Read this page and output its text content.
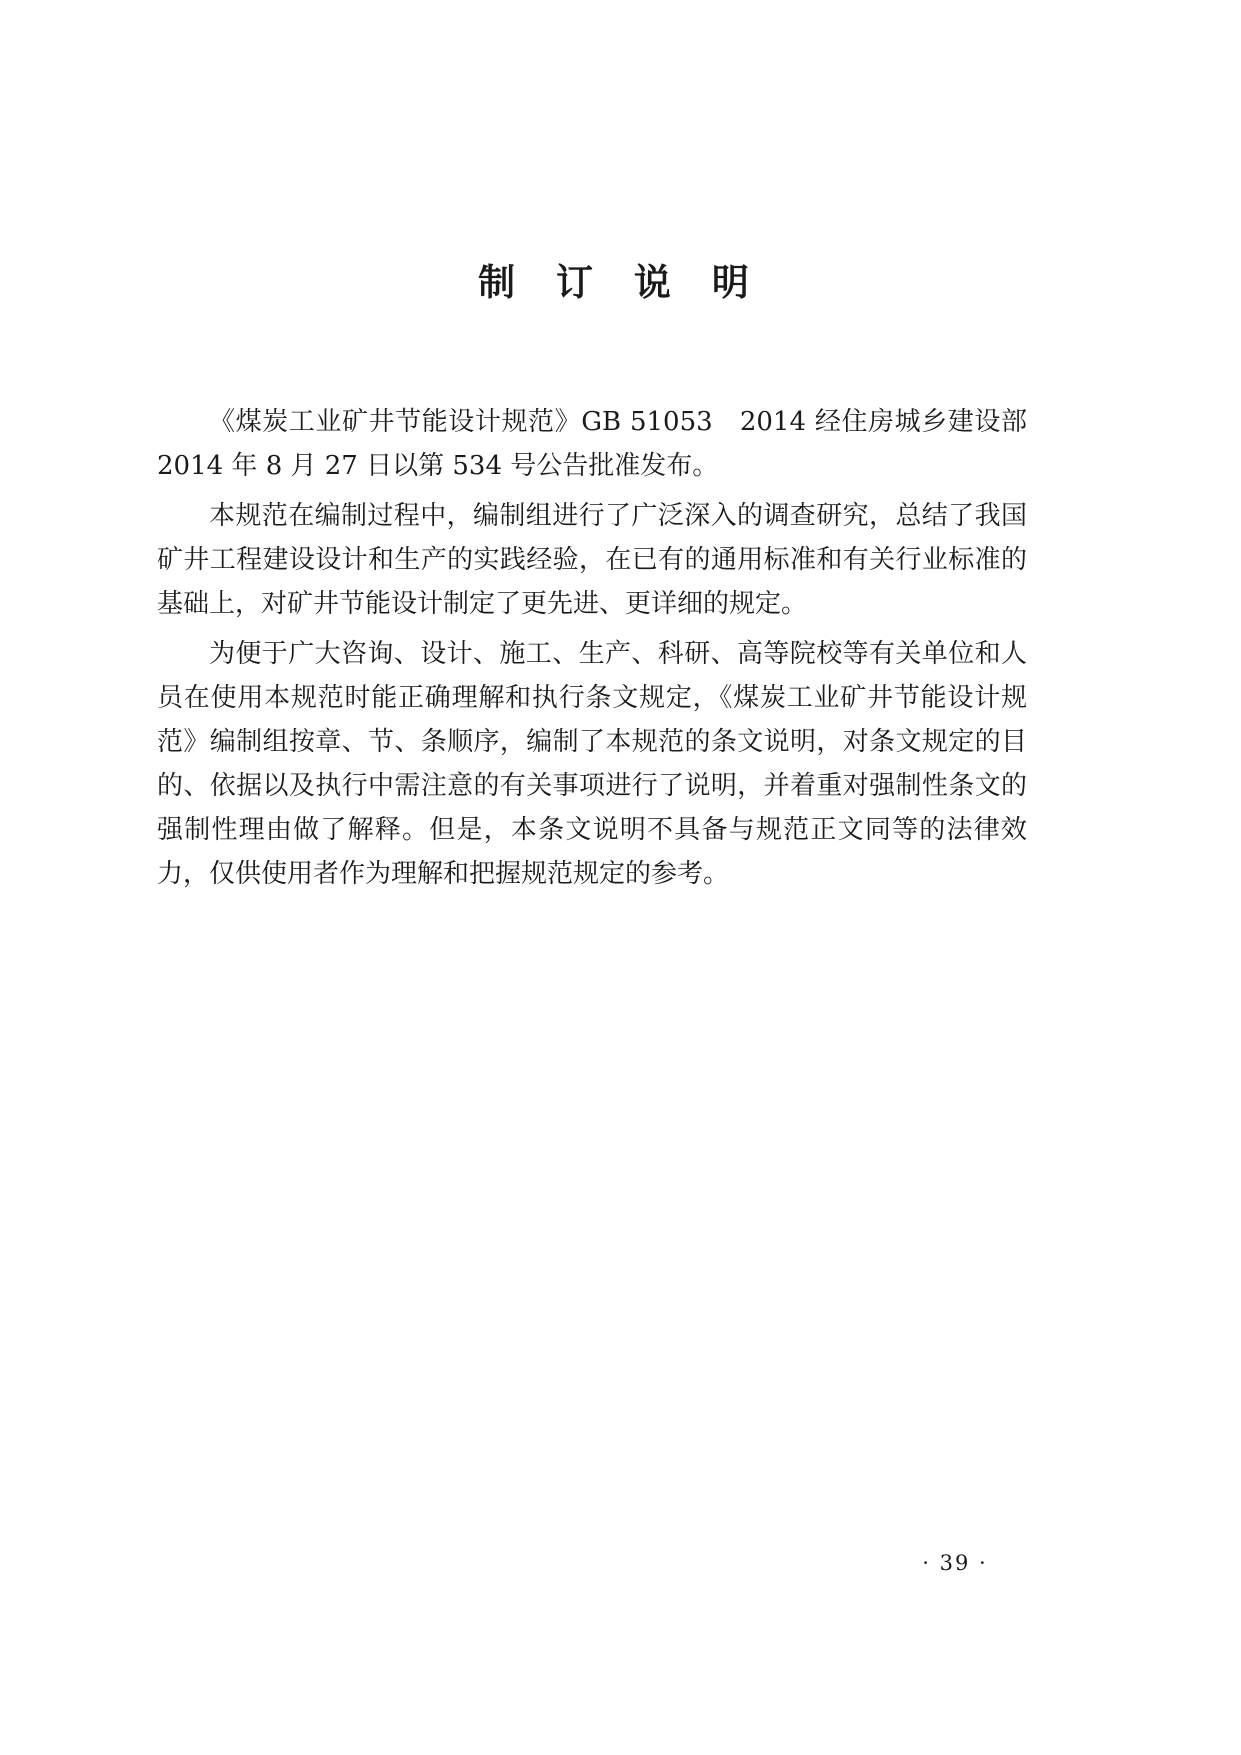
制 订 说 明

《煤炭工业矿井节能设计规范》GB 51053　2014 经住房城乡建设部 2014 年 8 月 27 日以第 534 号公告批准发布。

本规范在编制过程中，编制组进行了广泛深入的调查研究，总结了我国矿井工程建设设计和生产的实践经验，在已有的通用标准和有关行业标准的基础上，对矿井节能设计制定了更先进、更详细的规定。

为便于广大咨询、设计、施工、生产、科研、高等院校等有关单位和人员在使用本规范时能正确理解和执行条文规定，《煤炭工业矿井节能设计规范》编制组按章、节、条顺序，编制了本规范的条文说明，对条文规定的目的、依据以及执行中需注意的有关事项进行了说明，并着重对强制性条文的强制性理由做了解释。但是，本条文说明不具备与规范正文同等的法律效力，仅供使用者作为理解和把握规范规定的参考。

· 39 ·
